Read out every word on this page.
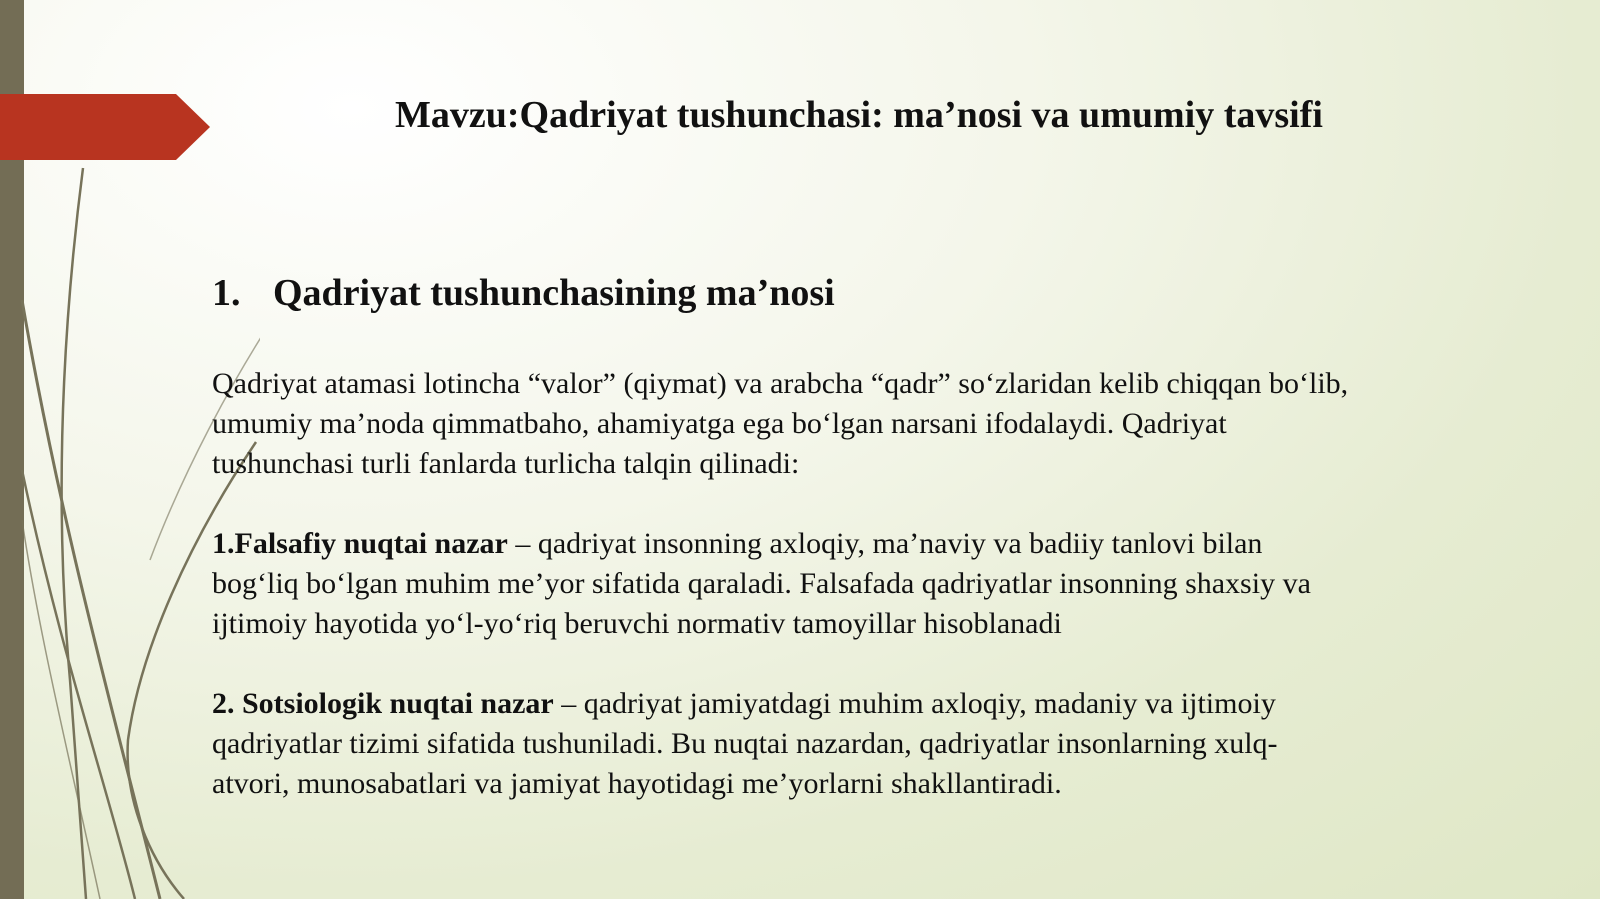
Mavzu:Qadriyat tushunchasi: ma’nosi va umumiy tavsifi
1. Qadriyat tushunchasining ma’nosi

Qadriyat atamasi lotincha “valor” (qiymat) va arabcha “qadr” so‘zlaridan kelib chiqqan bo‘lib,

umumiy ma’noda qimmatbaho, ahamiyatga ega bo‘lgan narsani ifodalaydi. Qadriyat

tushunchasi turli fanlarda turlicha talqin qilinadi:

1.Falsafiy nuqtai nazar – qadriyat insonning axloqiy, ma’naviy va badiiy tanlovi bilan

bog‘liq bo‘lgan muhim me’yor sifatida qaraladi. Falsafada qadriyatlar insonning shaxsiy va

ijtimoiy hayotida yo‘l-yo‘riq beruvchi normativ tamoyillar hisoblanadi

2. Sotsiologik nuqtai nazar – qadriyat jamiyatdagi muhim axloqiy, madaniy va ijtimoiy

qadriyatlar tizimi sifatida tushuniladi. Bu nuqtai nazardan, qadriyatlar insonlarning xulq-

atvori, munosabatlari va jamiyat hayotidagi me’yorlarni shakllantiradi.
